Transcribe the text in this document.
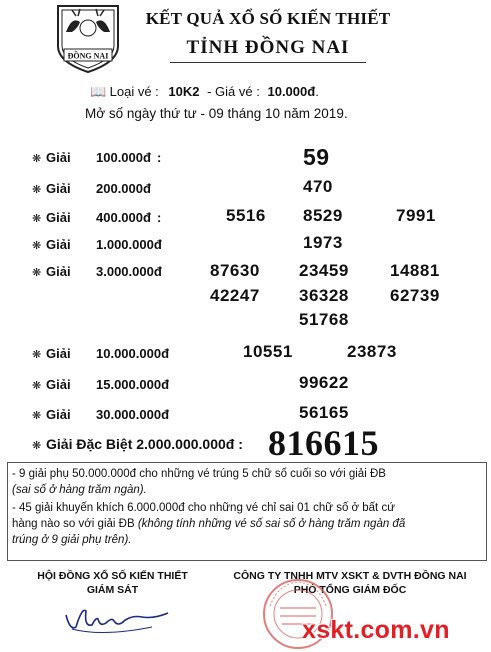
ĐỒNG NAI
KẾT QUẢ XỔ SỐ KIẾN THIẾT
TỈNH ĐỒNG NAI
📖 Loại vé : 10K2 - Giá vé : 10.000đ.
Mở số ngày thứ tư - 09 tháng 10 năm 2019.
❋ Giải 100.000đ :	59
❋ Giải 200.000đ	470
❋ Giải 400.000đ :	5516 8529	7991
❋ Giải 1.000.000đ	1973
❋ Giải 3.000.000đ	87630 23459 14881
42247 36328 62739
51768
❋ Giải 10.000.000đ	10551	23873
❋ Giải 15.000.000đ	99622
❋ Giải 30.000.000đ	56165
❋ Giải Đặc Biệt 2.000.000.000đ : 816615
- 9 giải phụ 50.000.000đ cho những vé trúng 5 chữ số cuối so với giải ĐB
(sai số ở hàng trăm ngàn).
- 45 giải khuyến khích 6.000.000đ cho những vé chỉ sai 01 chữ số ở bất cứ
hàng nào so với giải ĐB (không tính những vé số sai số ở hàng trăm ngàn đã
trúng ở 9 giải phụ trên).
HỘI ĐỒNG XỔ SỐ KIẾN THIẾT
GIÁM SÁT
CÔNG TY TNHH MTV XSKT & DVTH ĐỒNG NAI
PHÓ TỔNG GIÁM ĐỐC
xskt.com.vn
